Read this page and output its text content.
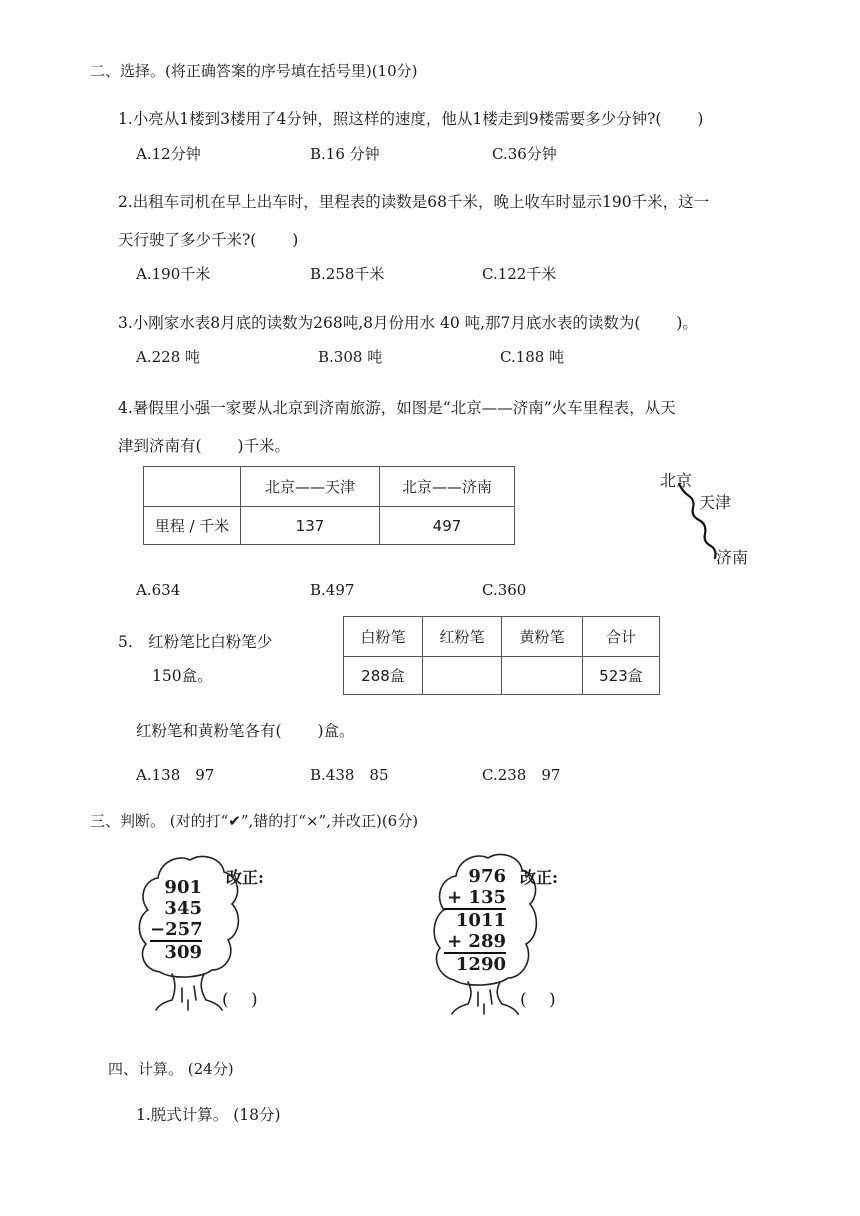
二、选择。(将正确答案的序号填在括号里)(10分)
1.小亮从1楼到3楼用了4分钟，照这样的速度，他从1楼走到9楼需要多少分钟?(　　 )
A.12分钟	B.16 分钟	C.36分钟
2.出租车司机在早上出车时，里程表的读数是68千米，晚上收车时显示190千米，这一
天行驶了多少千米?(　　 )
A.190千米	B.258千米	C.122千米
3.小刚家水表8月底的读数为268吨,8月份用水 40 吨,那7月底水表的读数为(　　 )。
A.228 吨	B.308 吨	C.188 吨
4.暑假里小强一家要从北京到济南旅游，如图是“北京——济南”火车里程表，从天
津到济南有(　　 )千米。
	北京——天津	北京——济南
里程 / 千米	137	497
北京
天津
济南
A.634	B.497	C.360
5.　红粉笔比白粉笔少
150盒。
白粉笔	红粉笔	黄粉笔	合计
288盒			523盒
红粉笔和黄粉笔各有(　　 )盒。
A.138　97	B.438　85	C.238　97
三、判断。 (对的打“✔”,错的打“×”,并改正)(6分)
901
345
−257
309
改正:
(　 )
976
+ 135
1011
+ 289
1290
改正:
(　 )
四、计算。 (24分)
1.脱式计算。 (18分)
